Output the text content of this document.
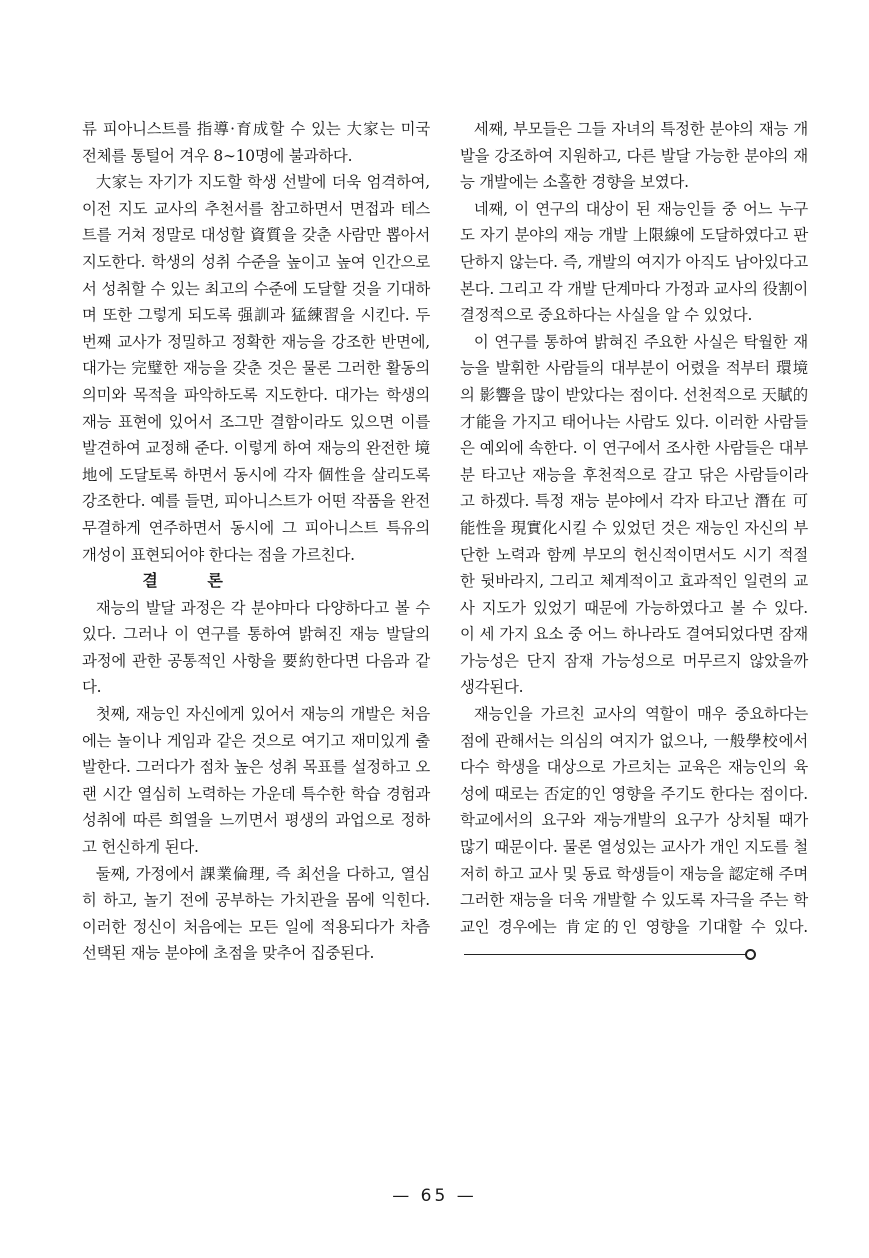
류 피아니스트를 指導·育成할 수 있는 大家는 미국 전체를 통털어 겨우 8∼10명에 불과하다.

大家는 자기가 지도할 학생 선발에 더욱 엄격하여, 이전 지도 교사의 추천서를 참고하면서 면접과 테스트를 거쳐 정말로 대성할 資質을 갖춘 사람만 뽑아서 지도한다. 학생의 성취 수준을 높이고 높여 인간으로서 성취할 수 있는 최고의 수준에 도달할 것을 기대하며 또한 그렇게 되도록 强訓과 猛練習을 시킨다. 두번째 교사가 정밀하고 정확한 재능을 강조한 반면에, 대가는 完璧한 재능을 갖춘 것은 물론 그러한 활동의 의미와 목적을 파악하도록 지도한다. 대가는 학생의 재능 표현에 있어서 조그만 결함이라도 있으면 이를 발견하여 교정해 준다. 이렇게 하여 재능의 완전한 境地에 도달토록 하면서 동시에 각자 個性을 살리도록 강조한다. 예를 들면, 피아니스트가 어떤 작품을 완전 무결하게 연주하면서 동시에 그 피아니스트 특유의 개성이 표현되어야 한다는 점을 가르친다.

결 론

재능의 발달 과정은 각 분야마다 다양하다고 볼 수 있다. 그러나 이 연구를 통하여 밝혀진 재능 발달의 과정에 관한 공통적인 사항을 要約한다면 다음과 같다.

첫째, 재능인 자신에게 있어서 재능의 개발은 처음에는 놀이나 게임과 같은 것으로 여기고 재미있게 출발한다. 그러다가 점차 높은 성취 목표를 설정하고 오랜 시간 열심히 노력하는 가운데 특수한 학습 경험과 성취에 따른 희열을 느끼면서 평생의 과업으로 정하고 헌신하게 된다.

둘째, 가정에서 課業倫理, 즉 최선을 다하고, 열심히 하고, 놀기 전에 공부하는 가치관을 몸에 익힌다. 이러한 정신이 처음에는 모든 일에 적용되다가 차츰 선택된 재능 분야에 초점을 맞추어 집중된다.

세째, 부모들은 그들 자녀의 특정한 분야의 재능 개발을 강조하여 지원하고, 다른 발달 가능한 분야의 재능 개발에는 소홀한 경향을 보였다.

네째, 이 연구의 대상이 된 재능인들 중 어느 누구도 자기 분야의 재능 개발 上限線에 도달하였다고 판단하지 않는다. 즉, 개발의 여지가 아직도 남아있다고 본다. 그리고 각 개발 단계마다 가정과 교사의 役割이 결정적으로 중요하다는 사실을 알 수 있었다.

이 연구를 통하여 밝혀진 주요한 사실은 탁월한 재능을 발휘한 사람들의 대부분이 어렸을 적부터 環境의 影響을 많이 받았다는 점이다. 선천적으로 天賦的 才能을 가지고 태어나는 사람도 있다. 이러한 사람들은 예외에 속한다. 이 연구에서 조사한 사람들은 대부분 타고난 재능을 후천적으로 갈고 닦은 사람들이라고 하겠다. 특정 재능 분야에서 각자 타고난 潛在 可能性을 現實化시킬 수 있었던 것은 재능인 자신의 부단한 노력과 함께 부모의 헌신적이면서도 시기 적절한 뒷바라지, 그리고 체계적이고 효과적인 일련의 교사 지도가 있었기 때문에 가능하였다고 볼 수 있다. 이 세 가지 요소 중 어느 하나라도 결여되었다면 잠재 가능성은 단지 잠재 가능성으로 머무르지 않았을까 생각된다.

재능인을 가르친 교사의 역할이 매우 중요하다는 점에 관해서는 의심의 여지가 없으나, 一般學校에서 다수 학생을 대상으로 가르치는 교육은 재능인의 육성에 때로는 否定的인 영향을 주기도 한다는 점이다. 학교에서의 요구와 재능개발의 요구가 상치될 때가 많기 때문이다. 물론 열성있는 교사가 개인 지도를 철저히 하고 교사 및 동료 학생들이 재능을 認定해 주며 그러한 재능을 더욱 개발할 수 있도록 자극을 주는 학교인 경우에는 肯定的인 영향을 기대할 수 있다.

— 65 —
